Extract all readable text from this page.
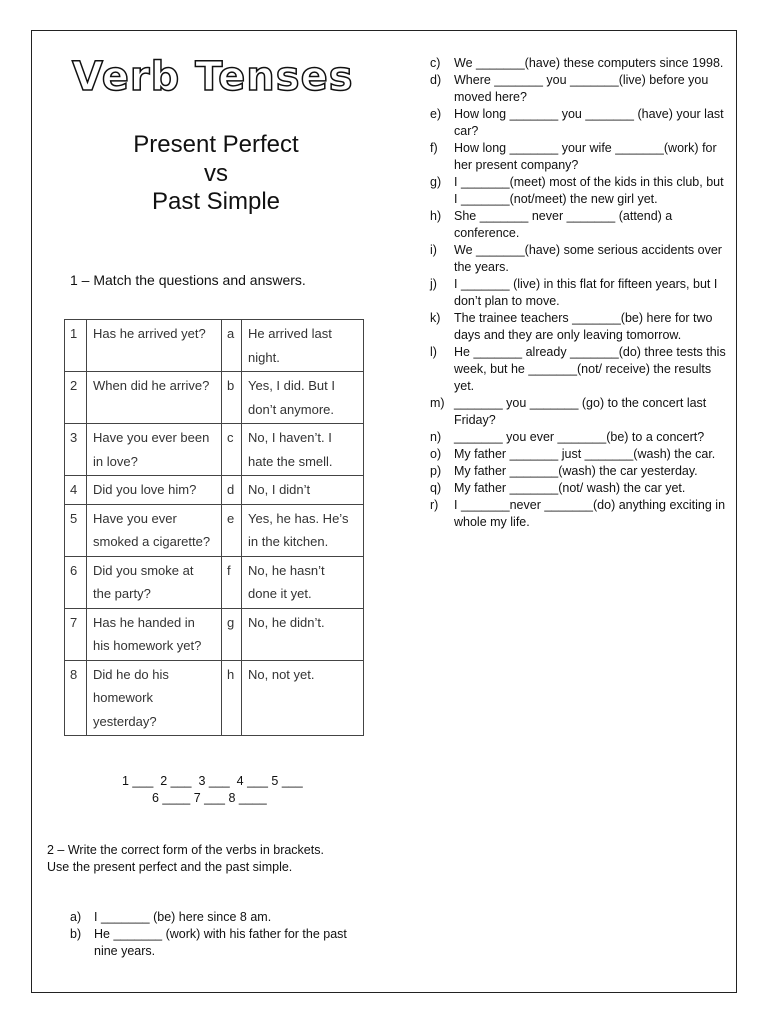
Verb Tenses
Present Perfect
vs
Past Simple
1 – Match the questions and answers.
1	Has he arrived yet?	a	He arrived last night.
2	When did he arrive?	b	Yes, I did. But I don’t anymore.
3	Have you ever been in love?	c	No, I haven’t. I hate the smell.
4	Did you love him?	d	No, I didn’t
5	Have you ever smoked a cigarette?	e	Yes, he has. He’s in the kitchen.
6	Did you smoke at the party?	f	No, he hasn’t done it yet.
7	Has he handed in his homework yet?	g	No, he didn’t.
8	Did he do his homework yesterday?	h	No, not yet.
1 ___  2 ___  3 ___  4 ___ 5 ___
6 ____ 7 ___ 8 ____
2 – Write the correct form of the verbs in brackets.
Use the present perfect and the past simple.
a)	I _______ (be) here since 8 am.
b)	He _______ (work) with his father for the past nine years.
c)	We _______(have) these computers since 1998.
d)	Where _______ you _______(live) before you moved here?
e)	How long _______ you _______ (have) your last car?
f)	How long _______ your wife _______(work) for her present company?
g)	I _______(meet) most of the kids in this club, but I _______(not/meet) the new girl yet.
h)	She _______ never _______ (attend) a conference.
i)	We _______(have) some serious accidents over the years.
j)	I _______ (live) in this flat for fifteen years, but I don’t plan to move.
k)	The trainee teachers _______(be) here for two days and they are only leaving tomorrow.
l)	He _______ already _______(do) three tests this week, but he _______(not/ receive) the results yet.
m) _______ you _______ (go) to the concert last Friday?
n)	_______ you ever _______(be) to a concert?
o)	My father _______ just _______(wash) the car.
p)	My father _______(wash) the car yesterday.
q)	My father _______(not/ wash) the car yet.
r)	I _______never _______(do) anything exciting in whole my life.
